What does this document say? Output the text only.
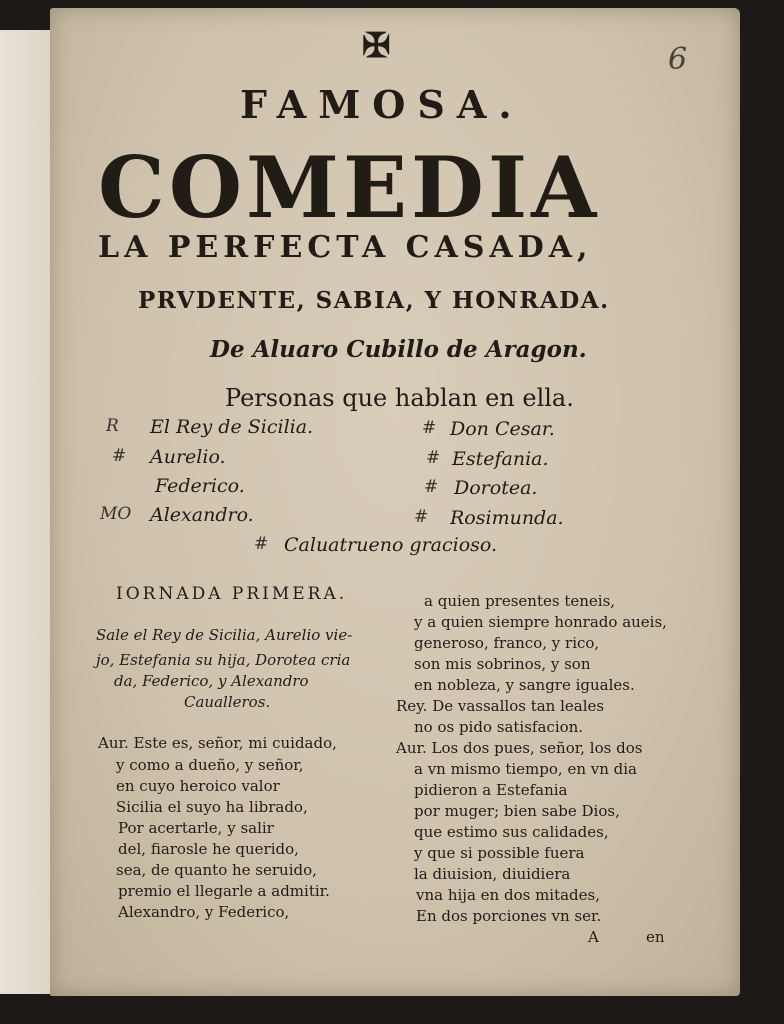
✠	6
FAMOSA.
COMEDIA
LA PERFECTA CASADA,
PRVDENTE, SABIA, Y HONRADA.
De Aluaro Cubillo de Aragon.
Personas que hablan en ella.
R El Rey de Sicilia.
# Aurelio.
Federico.
MO Alexandro.
# Don Cesar.
# Estefania.
# Dorotea.
# Rosimunda.
# Caluatrueno gracioso.
IORNADA PRIMERA.
Sale el Rey de Sicilia, Aurelio vie-
jo, Estefania su hija, Dorotea cria
da, Federico, y Alexandro
Caualleros.
Aur. Este es, señor, mi cuidado,
y como a dueño, y señor,
en cuyo heroico valor
Sicilia el suyo ha librado,
Por acertarle, y salir
del, fiarosle he querido,
sea, de quanto he seruido,
premio el llegarle a admitir.
Alexandro, y Federico,
a quien presentes teneis,
y a quien siempre honrado aueis,
generoso, franco, y rico,
son mis sobrinos, y son
en nobleza, y sangre iguales.
Rey. De vassallos tan leales
no os pido satisfacion.
Aur. Los dos pues, señor, los dos
a vn mismo tiempo, en vn dia
pidieron a Estefania
por muger; bien sabe Dios,
que estimo sus calidades,
y que si possible fuera
la diuision, diuidiera
vna hija en dos mitades,
En dos porciones vn ser.
A	en
